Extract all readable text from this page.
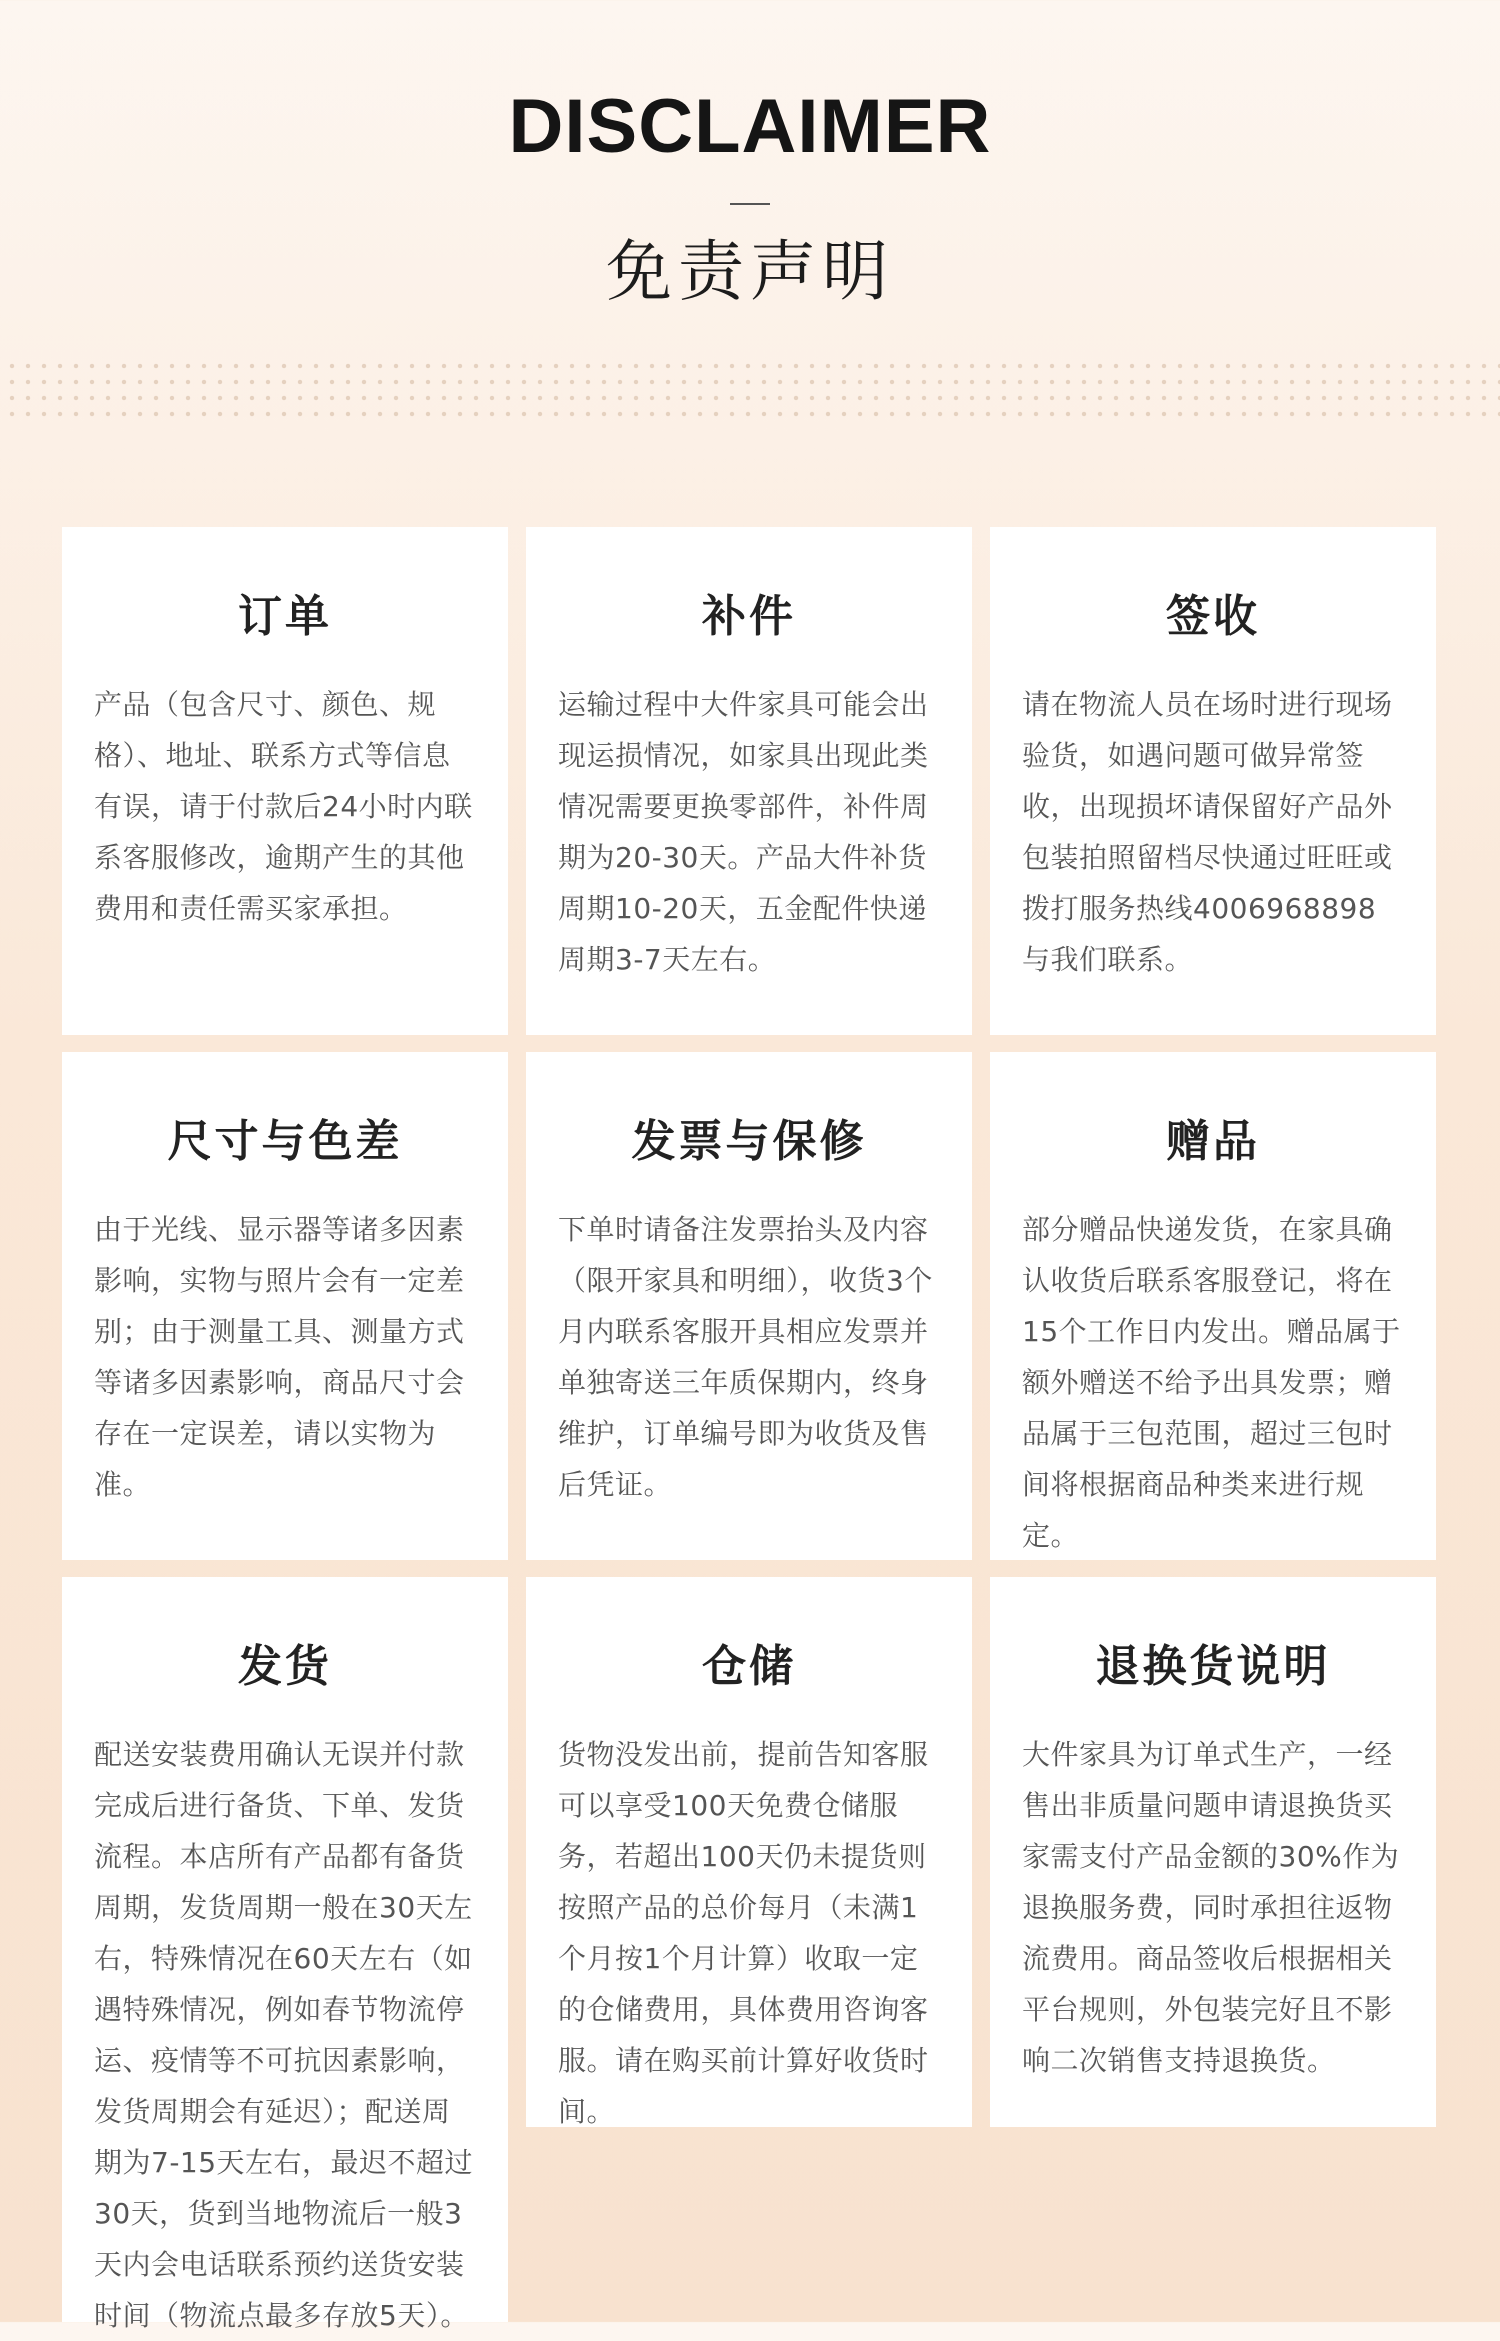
DISCLAIMER
免责声明
订单
产品（包含尺寸、颜色、规格）、地址、联系方式等信息有误，请于付款后24小时内联系客服修改，逾期产生的其他费用和责任需买家承担。
补件
运输过程中大件家具可能会出现运损情况，如家具出现此类情况需要更换零部件，补件周期为20-30天。产品大件补货周期10-20天，五金配件快递周期3-7天左右。
签收
请在物流人员在场时进行现场验货，如遇问题可做异常签收，出现损坏请保留好产品外包装拍照留档尽快通过旺旺或拨打服务热线4006968898与我们联系。
尺寸与色差
由于光线、显示器等诸多因素影响，实物与照片会有一定差别；由于测量工具、测量方式等诸多因素影响，商品尺寸会存在一定误差，请以实物为准。
发票与保修
下单时请备注发票抬头及内容（限开家具和明细），收货3个月内联系客服开具相应发票并单独寄送三年质保期内，终身维护，订单编号即为收货及售后凭证。
赠品
部分赠品快递发货，在家具确认收货后联系客服登记，将在15个工作日内发出。赠品属于额外赠送不给予出具发票；赠品属于三包范围，超过三包时间将根据商品种类来进行规定。
发货
配送安装费用确认无误并付款完成后进行备货、下单、发货流程。本店所有产品都有备货周期，发货周期一般在30天左右，特殊情况在60天左右（如遇特殊情况，例如春节物流停运、疫情等不可抗因素影响，发货周期会有延迟）；配送周期为7-15天左右，最迟不超过30天，货到当地物流后一般3天内会电话联系预约送货安装时间（物流点最多存放5天）。
仓储
货物没发出前，提前告知客服可以享受100天免费仓储服务，若超出100天仍未提货则按照产品的总价每月（未满1个月按1个月计算）收取一定的仓储费用，具体费用咨询客服。请在购买前计算好收货时间。
退换货说明
大件家具为订单式生产，一经售出非质量问题申请退换货买家需支付产品金额的30%作为退换服务费，同时承担往返物流费用。商品签收后根据相关平台规则，外包装完好且不影响二次销售支持退换货。
